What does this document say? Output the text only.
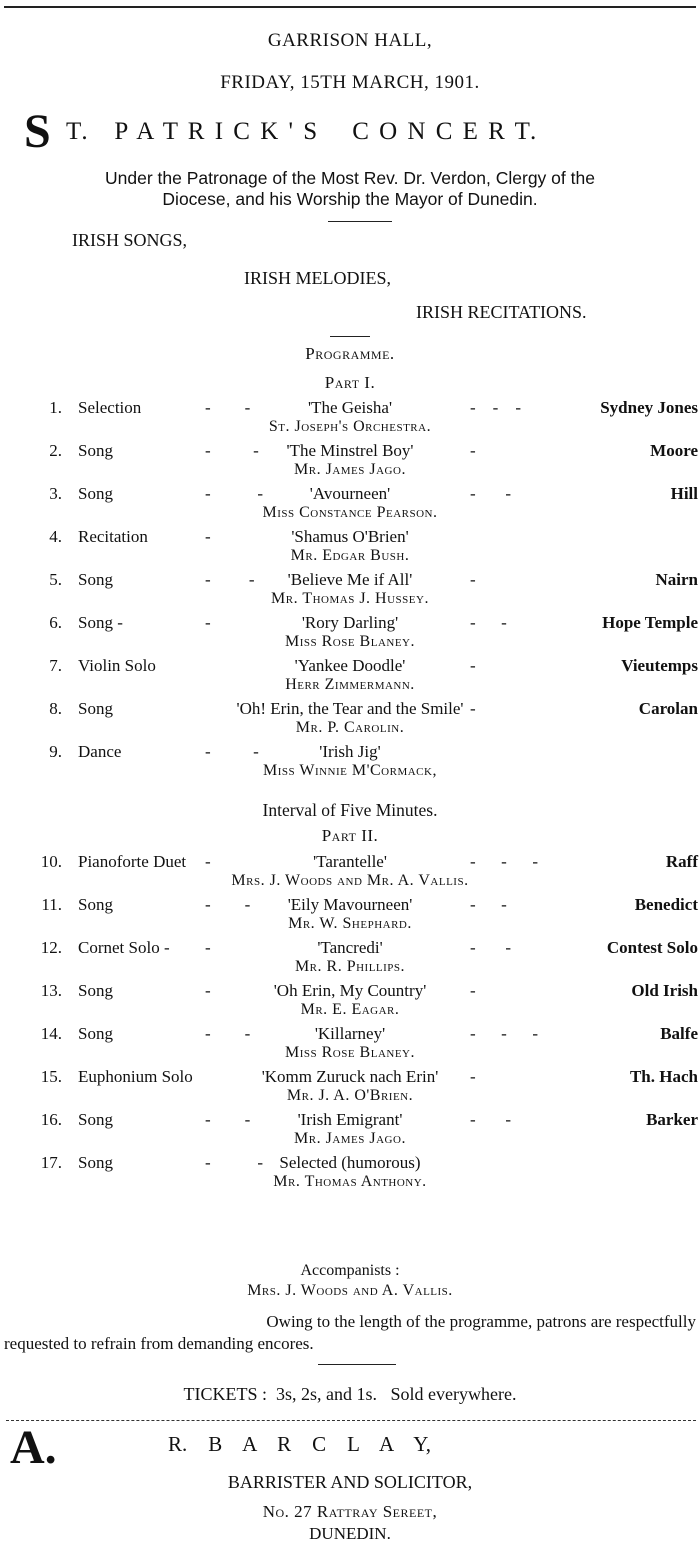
GARRISON HALL,
FRIDAY, 15TH MARCH, 1901.
S T.   P A T R I C K ' S    C O N C E R T.
Under the Patronage of the Most Rev. Dr. Verdon, Clergy of the
Diocese, and his Worship the Mayor of Dunedin.
IRISH SONGS,
IRISH MELODIES,
IRISH RECITATIONS.
Programme.
Part I.
1. Selection	-        -	'The Geisha'	-    -    -	Sydney Jones
St. Joseph's Orchestra.
2. Song	-          - 'The Minstrel Boy'	-	Moore
Mr. James Jago.
3. Song	-           -	'Avourneen'	-       -	Hill
Miss Constance Pearson.
4. Recitation	-	'Shamus O'Brien'
Mr. Edgar Bush.
5. Song	-         - 'Believe Me if All'	-	Nairn
Mr. Thomas J. Hussey.
6. Song -	-	'Rory Darling'	-      -	Hope Temple
Miss Rose Blaney.
7. Violin Solo	'Yankee Doodle'	-	Vieutemps
Herr Zimmermann.
8. Song	'Oh! Erin, the Tear and the Smile' -	Carolan
Mr. P. Carolin.
9. Dance	-          -	'Irish Jig'
Miss Winnie M'Cormack,
Interval of Five Minutes.
Part II.
10. Pianoforte Duet -	'Tarantelle'	-      -      -	Raff
Mrs. J. Woods and Mr. A. Vallis.
11. Song	-        - 'Eily Mavourneen'	-      -	Benedict
Mr. W. Shephard.
12. Cornet Solo - -	'Tancredi'	-       -	Contest Solo
Mr. R. Phillips.
13. Song	-	'Oh Erin, My Country'	-	Old Irish
Mr. E. Eagar.
14. Song	-        -	'Killarney'	-      -      -	Balfe
Miss Rose Blaney.
15. Euphonium Solo	'Komm Zuruck nach Erin' -	Th. Hach
Mr. J. A. O'Brien.
16. Song	-        -	'Irish Emigrant'	-       -	Barker
Mr. James Jago.
17. Song	-           - Selected (humorous)
Mr. Thomas Anthony.
Accompanists :
Mrs. J. Woods and A. Vallis.
Owing to the length of the programme, patrons are respectfully
requested to refrain from demanding encores.
TICKETS :  3s, 2s, and 1s.   Sold everywhere.
A.	R.    B    A    R    C    L    A    Y,
BARRISTER AND SOLICITOR,
No. 27 Rattray Sereet,
DUNEDIN.
